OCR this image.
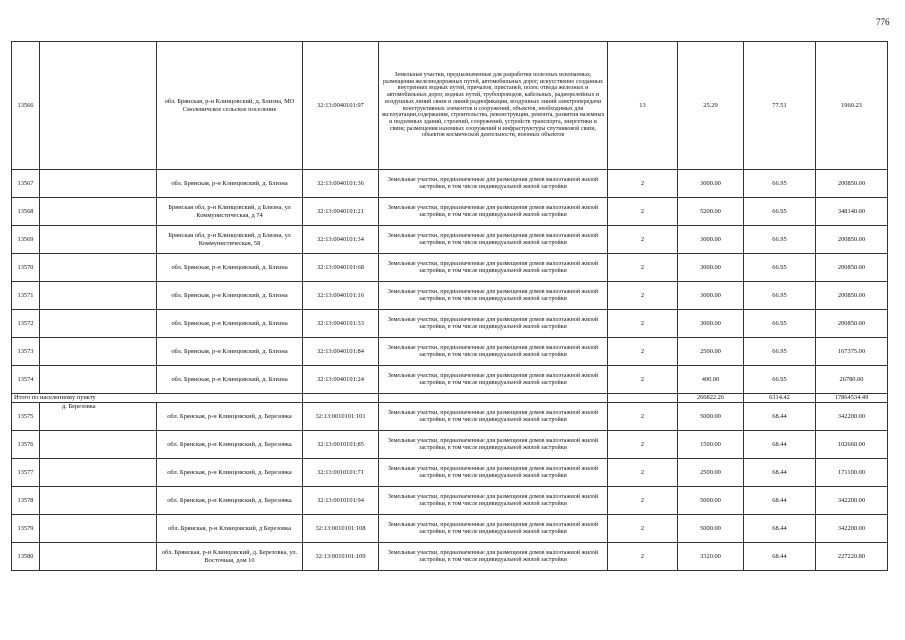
776
13566		обл. Брянская, р-н Клинцовский, д. Близна, МО Смолевичское сельское поселение	32:13:0040101:97	Земельные участки, предназначенные для разработки полезных ископаемых, размещения железнодорожных путей, автомобильных дорог, искусственно созданных внутренних водных путей, причалов, пристаней, полос отвода железных и автомобильных дорог, водных путей, трубопроводов, кабельных, радиорелейных и воздушных линий связи и линий радиофикации, воздушных линий электропередачи конструктивных элементов и сооружений, объектов, необходимых для эксплуатации,содержания, строительства, реконструкции, ремонта, развития наземных и подземных зданий, строений, сооружений, устройств транспорта, энергетики и связи; размещения наземных сооружений и инфраструктуры спутниковой связи, объектов космической деятельности, военных объектов	13	25.29	77.51	1960.23
13567		обл. Брянская, р-н Клинцовский, д. Близна	32:13:0040101:36	Земельные участки, предназначенные для размещения домов малоэтажной жилой застройки, в том числе индивидуальной жилой застройки	2	3000.00	66.95	200850.00
13568		Брянская обл, р-н Клинцовский, д Близна, ул Коммунистическая, д 74	32:13:0040101:21	Земельные участки, предназначенные для размещения домов малоэтажной жилой застройки, в том числе индивидуальной жилой застройки	2	5200.00	66.95	348140.00
13569		Брянская обл, р-н Клинцовский, д Близна, ул Коммунистическая, 58	32:13:0040101:34	Земельные участки, предназначенные для размещения домов малоэтажной жилой застройки, в том числе индивидуальной жилой застройки	2	3000.00	66.95	200850.00
13570		обл. Брянская, р-н Клинцовский, д. Близна	32:13:0040101:68	Земельные участки, предназначенные для размещения домов малоэтажной жилой застройки, в том числе индивидуальной жилой застройки	2	3000.00	66.95	200850.00
13571		обл. Брянская, р-н Клинцовский, д. Близна	32:13:0040101:16	Земельные участки, предназначенные для размещения домов малоэтажной жилой застройки, в том числе индивидуальной жилой застройки	2	3000.00	66.95	200850.00
13572		обл. Брянская, р-н Клинцовский, д. Близна	32:13:0040101:33	Земельные участки, предназначенные для размещения домов малоэтажной жилой застройки, в том числе индивидуальной жилой застройки	2	3000.00	66.95	200850.00
13573		обл. Брянская, р-н Клинцовский, д. Близна	32:13:0040101:84	Земельные участки, предназначенные для размещения домов малоэтажной жилой застройки, в том числе индивидуальной жилой застройки	2	2500.00	66.95	167375.00
13574		обл. Брянская, р-н Клинцовский, д. Близна	32:13:0040101:24	Земельные участки, предназначенные для размещения домов малоэтажной жилой застройки, в том числе индивидуальной жилой застройки	2	400.00	66.95	26780.00
Итого по населенному пункту						266822.26	6314.42	17864534.49
13575	д. Березовка	обл. Брянская, р-н Клинцовский, д. Березовка	32:13:0010101:101	Земельные участки, предназначенные для размещения домов малоэтажной жилой застройки, в том числе индивидуальной жилой застройки	2	5000.00	68.44	342200.00
13576		обл. Брянская, р-н Клинцовский, д. Березовка	32:13:0010101:85	Земельные участки, предназначенные для размещения домов малоэтажной жилой застройки, в том числе индивидуальной жилой застройки	2	1500.00	68.44	102660.00
13577		обл. Брянская, р-н Клинцовский, д. Березовка	32:13:0010101:71	Земельные участки, предназначенные для размещения домов малоэтажной жилой застройки, в том числе индивидуальной жилой застройки	2	2500.00	68.44	171100.00
13578		обл. Брянская, р-н Клинцовский, д. Березовка	32:13:0010101:94	Земельные участки, предназначенные для размещения домов малоэтажной жилой застройки, в том числе индивидуальной жилой застройки	2	5000.00	68.44	342200.00
13579		обл. Брянская, р-н Клинцовский, д Березовка	32:13:0010101:108	Земельные участки, предназначенные для размещения домов малоэтажной жилой застройки, в том числе индивидуальной жилой застройки	2	5000.00	68.44	342200.00
13580		обл. Брянская, р-н Клинцовский, д. Березовка, ул. Восточная, дом 10	32:13:0010101:109	Земельные участки, предназначенные для размещения домов малоэтажной жилой застройки, в том числе индивидуальной жилой застройки	2	3320.00	68.44	227220.80
